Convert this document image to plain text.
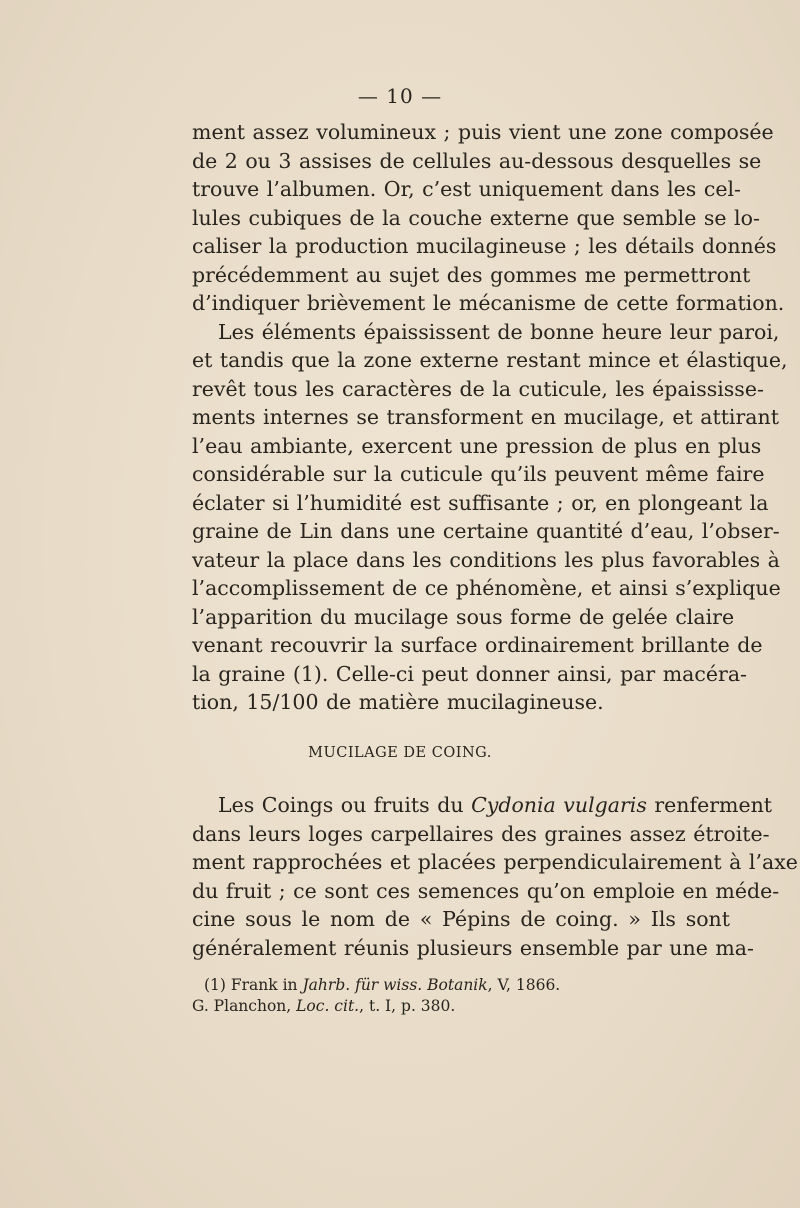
— 10 —
ment assez volumineux ; puis vient une zone composée
de 2 ou 3 assises de cellules au-dessous desquelles se
trouve l’albumen. Or, c’est uniquement dans les cel-
lules cubiques de la couche externe que semble se lo-
caliser la production mucilagineuse ; les détails donnés
précédemment au sujet des gommes me permettront
d’indiquer brièvement le mécanisme de cette formation.
Les éléments épaississent de bonne heure leur paroi,
et tandis que la zone externe restant mince et élastique,
revêt tous les caractères de la cuticule, les épaississe-
ments internes se transforment en mucilage, et attirant
l’eau ambiante, exercent une pression de plus en plus
considérable sur la cuticule qu’ils peuvent même faire
éclater si l’humidité est suffisante ; or, en plongeant la
graine de Lin dans une certaine quantité d’eau, l’obser-
vateur la place dans les conditions les plus favorables à
l’accomplissement de ce phénomène, et ainsi s’explique
l’apparition du mucilage sous forme de gelée claire
venant recouvrir la surface ordinairement brillante de
la graine (1). Celle-ci peut donner ainsi, par macéra-
tion, 15/100 de matière mucilagineuse.
MUCILAGE DE COING.
Les Coings ou fruits du Cydonia vulgaris renferment
dans leurs loges carpellaires des graines assez étroite-
ment rapprochées et placées perpendiculairement à l’axe
du fruit ; ce sont ces semences qu’on emploie en méde-
cine sous le nom de « Pépins de coing. » Ils sont
généralement réunis plusieurs ensemble par une ma-
(1) Frank in Jahrb. für wiss. Botanik, V, 1866.
G. Planchon, Loc. cit., t. I, p. 380.
